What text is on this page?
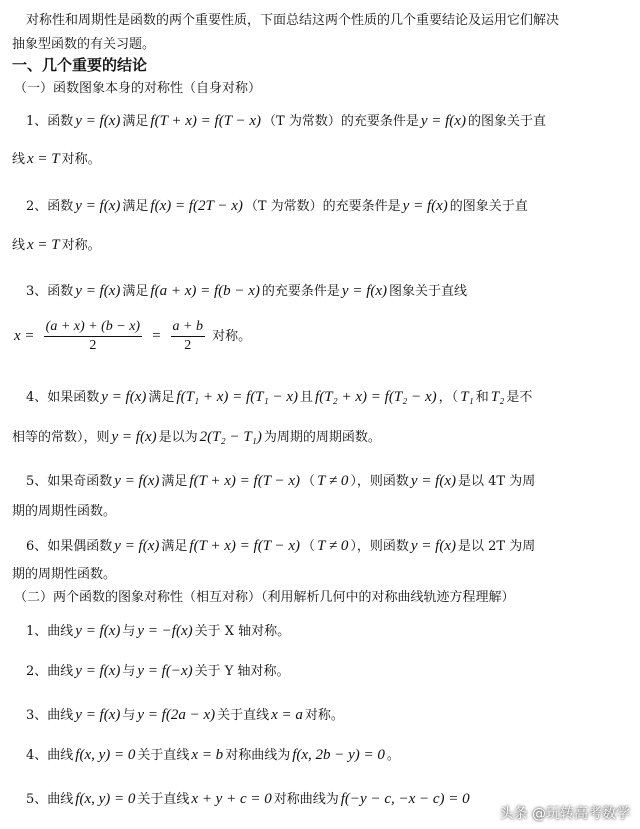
对称性和周期性是函数的两个重要性质，下面总结这两个性质的几个重要结论及运用它们解决
抽象型函数的有关习题。
一、几个重要的结论
（一）函数图象本身的对称性（自身对称）
1、函数 y = f(x) 满足 f(T + x) = f(T − x) （T 为常数）的充要条件是 y = f(x) 的图象关于直
线 x = T 对称。
2、函数 y = f(x) 满足 f(x) = f(2T − x) （T 为常数）的充要条件是 y = f(x) 的图象关于直
线 x = T 对称。
3、函数 y = f(x) 满足 f(a + x) = f(b − x) 的充要条件是 y = f(x) 图象关于直线
$x = \frac{(a + x) + (b - x)}{2} = \frac{a + b}{2}$ 对称。
4、如果函数 y = f(x) 满足 f(T₁ + x) = f(T₁ − x) 且 f(T₂ + x) = f(T₂ − x) ，（ T₁ 和 T₂ 是不
相等的常数），则 y = f(x) 是以为 2(T₂ − T₁) 为周期的周期函数。
5、如果奇函数 y = f(x) 满足 f(T + x) = f(T − x) （ T ≠ 0 ），则函数 y = f(x) 是以 4T 为周
期的周期性函数。
6、如果偶函数 y = f(x) 满足 f(T + x) = f(T − x) （ T ≠ 0 ），则函数 y = f(x) 是以 2T 为周
期的周期性函数。
（二）两个函数的图象对称性（相互对称）（利用解析几何中的对称曲线轨迹方程理解）
1、曲线 y = f(x) 与 y = −f(x) 关于 X 轴对称。
2、曲线 y = f(x) 与 y = f(−x) 关于 Y 轴对称。
3、曲线 y = f(x) 与 y = f(2a − x) 关于直线 x = a 对称。
4、曲线 f(x, y) = 0 关于直线 x = b 对称曲线为 f(x, 2b − y) = 0 。
5、曲线 f(x, y) = 0 关于直线 x + y + c = 0 对称曲线为 f(−y − c, −x − c) = 0
头条 @玩转高考数学
